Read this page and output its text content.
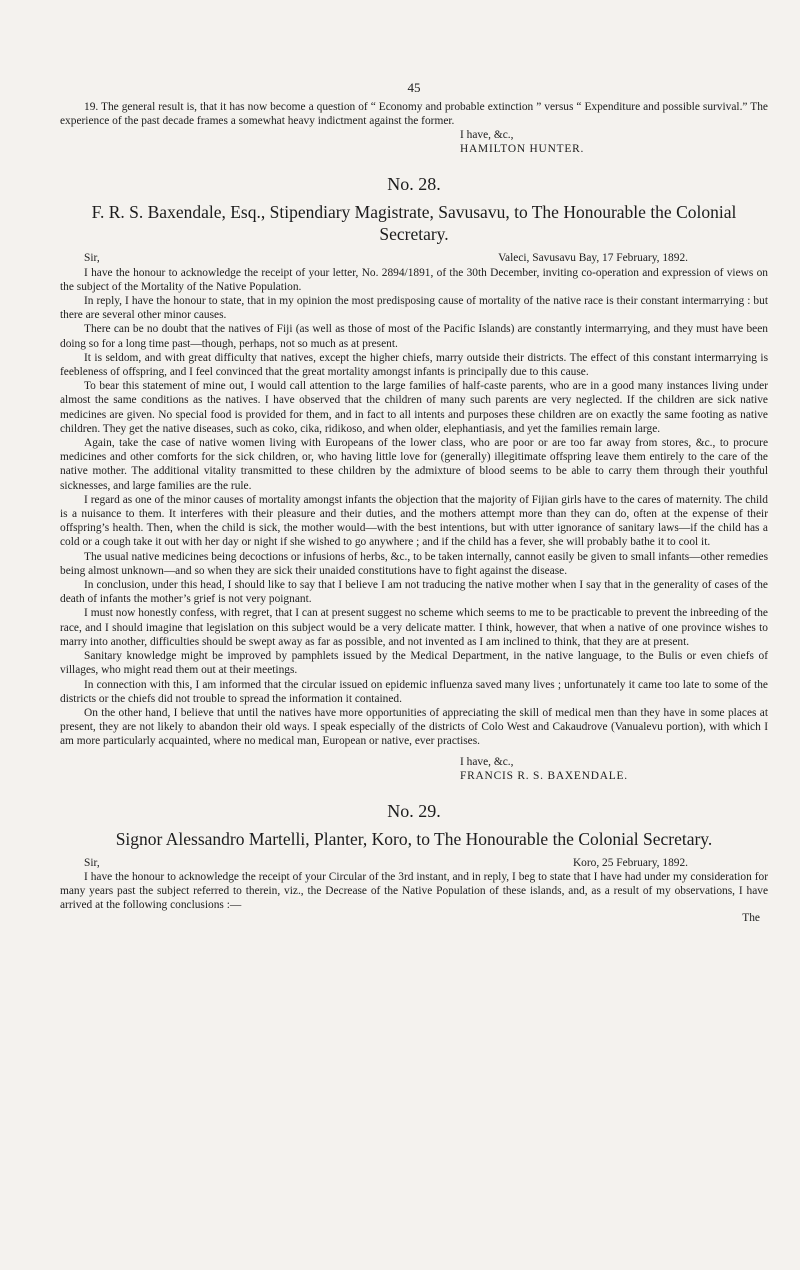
45

19. The general result is, that it has now become a question of “ Economy and probable extinction ” versus “ Expenditure and possible survival.” The experience of the past decade frames a somewhat heavy indictment against the former.

I have, &c.,
HAMILTON HUNTER.
No. 28.
F. R. S. Baxendale, Esq., Stipendiary Magistrate, Savusavu, to The Honourable the Colonial Secretary.
Sir,	Valeci, Savusavu Bay, 17 February, 1892.

I have the honour to acknowledge the receipt of your letter, No. 2894/1891, of the 30th December, inviting co-operation and expression of views on the subject of the Mortality of the Native Population.

In reply, I have the honour to state, that in my opinion the most predisposing cause of mortality of the native race is their constant intermarrying : but there are several other minor causes.

There can be no doubt that the natives of Fiji (as well as those of most of the Pacific Islands) are constantly intermarrying, and they must have been doing so for a long time past—though, perhaps, not so much as at present.

It is seldom, and with great difficulty that natives, except the higher chiefs, marry outside their districts. The effect of this constant intermarrying is feebleness of offspring, and I feel convinced that the great mortality amongst infants is principally due to this cause.

To bear this statement of mine out, I would call attention to the large families of half-caste parents, who are in a good many instances living under almost the same conditions as the natives. I have observed that the children of many such parents are very neglected. If the children are sick native medicines are given. No special food is provided for them, and in fact to all intents and purposes these children are on exactly the same footing as native children. They get the native diseases, such as coko, cika, ridikoso, and when older, elephantiasis, and yet the families remain large.

Again, take the case of native women living with Europeans of the lower class, who are poor or are too far away from stores, &c., to procure medicines and other comforts for the sick children, or, who having little love for (generally) illegitimate offspring leave them entirely to the care of the native mother. The additional vitality transmitted to these children by the admixture of blood seems to be able to carry them through their youthful sicknesses, and large families are the rule.

I regard as one of the minor causes of mortality amongst infants the objection that the majority of Fijian girls have to the cares of maternity. The child is a nuisance to them. It interferes with their pleasure and their duties, and the mothers attempt more than they can do, often at the expense of their offspring’s health. Then, when the child is sick, the mother would—with the best intentions, but with utter ignorance of sanitary laws—if the child has a cold or a cough take it out with her day or night if she wished to go anywhere ; and if the child has a fever, she will probably bathe it to cool it.

The usual native medicines being decoctions or infusions of herbs, &c., to be taken internally, cannot easily be given to small infants—other remedies being almost unknown—and so when they are sick their unaided constitutions have to fight against the disease.

In conclusion, under this head, I should like to say that I believe I am not traducing the native mother when I say that in the generality of cases of the death of infants the mother’s grief is not very poignant.

I must now honestly confess, with regret, that I can at present suggest no scheme which seems to me to be practicable to prevent the inbreeding of the race, and I should imagine that legislation on this subject would be a very delicate matter. I think, however, that when a native of one province wishes to marry into another, difficulties should be swept away as far as possible, and not invented as I am inclined to think, that they are at present.

Sanitary knowledge might be improved by pamphlets issued by the Medical Department, in the native language, to the Bulis or even chiefs of villages, who might read them out at their meetings.

In connection with this, I am informed that the circular issued on epidemic influenza saved many lives ; unfortunately it came too late to some of the districts or the chiefs did not trouble to spread the information it contained.

On the other hand, I believe that until the natives have more opportunities of appreciating the skill of medical men than they have in some places at present, they are not likely to abandon their old ways. I speak especially of the districts of Colo West and Cakaudrove (Vanualevu portion), with which I am more particularly acquainted, where no medical man, European or native, ever practises.

I have, &c.,
FRANCIS R. S. BAXENDALE.
No. 29.
Signor Alessandro Martelli, Planter, Koro, to The Honourable the Colonial Secretary.
Sir,	Koro, 25 February, 1892.

I have the honour to acknowledge the receipt of your Circular of the 3rd instant, and in reply, I beg to state that I have had under my consideration for many years past the subject referred to therein, viz., the Decrease of the Native Population of these islands, and, as a result of my observations, I have arrived at the following conclusions :—

The
